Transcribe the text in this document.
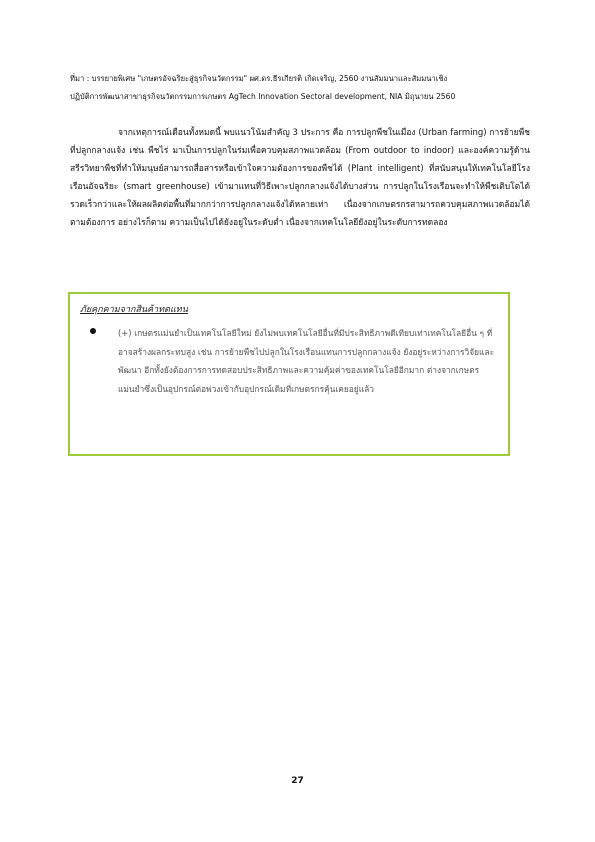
ที่มา : บรรยายพิเศษ "เกษตรอัจฉริยะสู่ธุรกิจนวัตกรรม" ผศ.ดร.ธีรเกียรติ เกิดเจริญ, 2560 งานสัมมนาและสัมมนาเชิง
ปฏิบัติการพัฒนาสาขาธุรกิจนวัตกรรมการเกษตร AgTech Innovation Sectoral development, NIA มิถุนายน 2560
จากเหตุการณ์เดือนทั้งหมดนี้ พบแนวโน้มสำคัญ 3 ประการ คือ การปลูกพืชในเมือง (Urban farming) การย้ายพืชที่ปลูกกลางแจ้ง เช่น พืชไร่ มาเป็นการปลูกในร่มเพื่อควบคุมสภาพแวดล้อม (From outdoor to indoor) และองค์ความรู้ด้านสรีรวิทยาพืชที่ทำให้มนุษย์สามารถสื่อสารหรือเข้าใจความต้องการของพืชได้ (Plant intelligent) ที่สนับสนุนให้เทคโนโลยีโรงเรือนอัจฉริยะ (smart greenhouse) เข้ามาแทนที่วิธีเพาะปลูกกลางแจ้งได้บางส่วน การปลูกในโรงเรือนจะทำให้พืชเติบโตได้รวดเร็วกว่าและให้ผลผลิตต่อพื้นที่มากกว่าการปลูกกลางแจ้งได้หลายเท่า เนื่องจากเกษตรกรสามารถควบคุมสภาพแวดล้อมได้ตามต้องการ อย่างไรก็ตาม ความเป็นไปได้ยังอยู่ในระดับต่ำ เนื่องจากเทคโนโลยียังอยู่ในระดับการทดลอง
ภัยคุกคามจากสินค้าทดแทน
(+) เกษตรแม่นยำเป็นเทคโนโลยีใหม่ ยังไม่พบเทคโนโลยีอื่นที่มีประสิทธิภาพดีเทียบเท่าเทคโนโลยีอื่น ๆ ที่อาจสร้างผลกระทบสูง เช่น การย้ายพืชไปปลูกในโรงเรือนแทนการปลูกกลางแจ้ง ยังอยู่ระหว่างการวิจัยและพัฒนา อีกทั้งยังต้องการการทดสอบประสิทธิภาพและความคุ้มค่าของเทคโนโลยีอีกมาก ต่างจากเกษตรแม่นยำซึ่งเป็นอุปกรณ์ต่อพ่วงเข้ากับอุปกรณ์เดิมที่เกษตรกรคุ้นเคยอยู่แล้ว
27
